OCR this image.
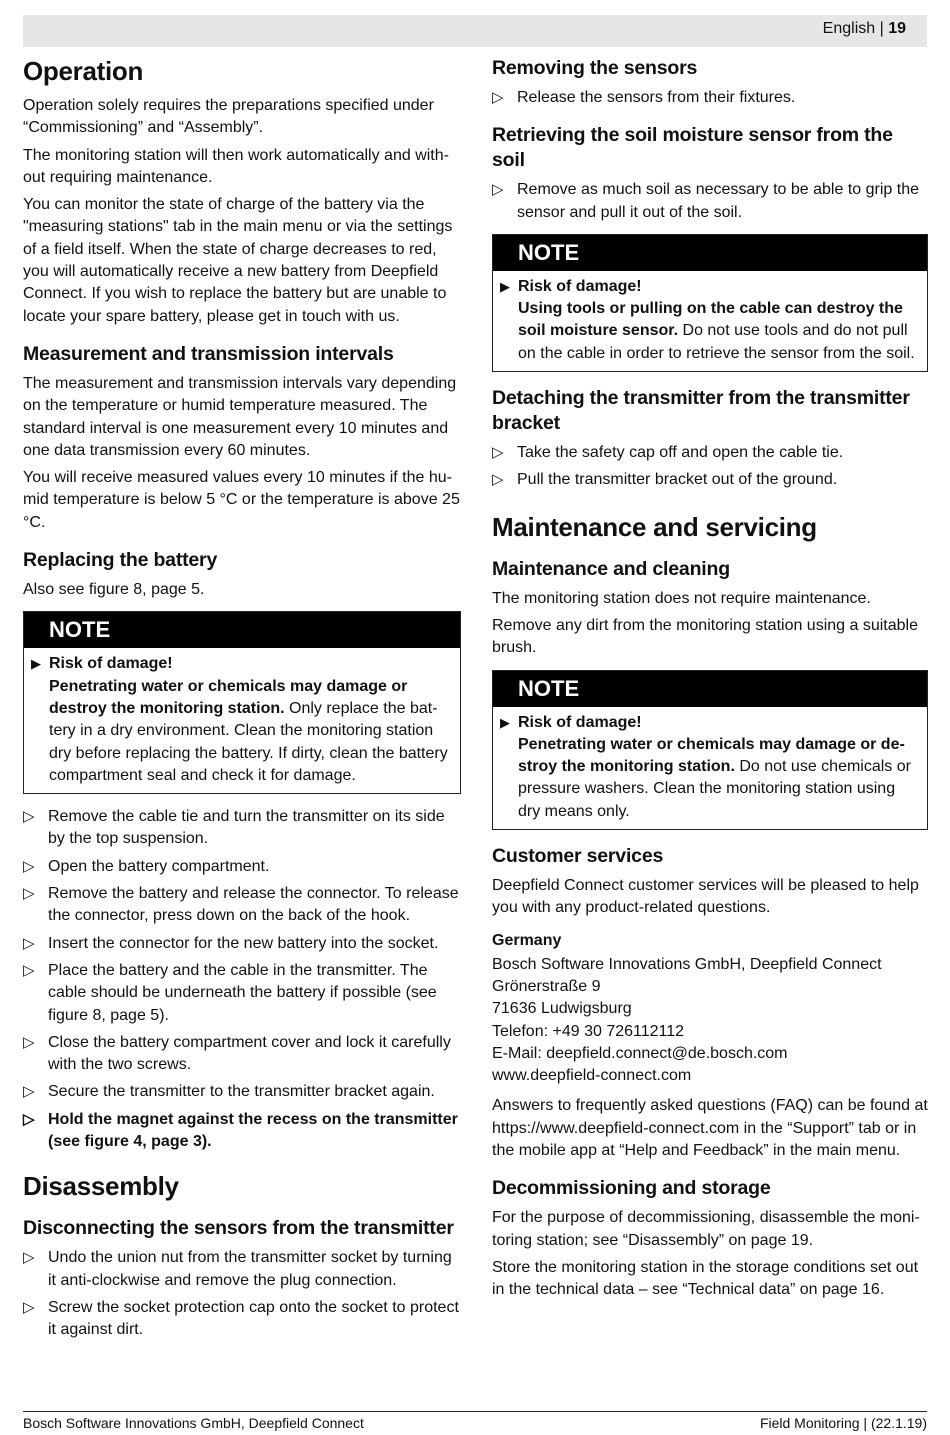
English | 19
Operation

Operation solely requires the preparations specified under “Commissioning” and “Assembly”.

The monitoring station will then work automatically and without requiring maintenance.

You can monitor the state of charge of the battery via the "measuring stations" tab in the main menu or via the settings of a field itself. When the state of charge decreases to red, you will automatically receive a new battery from Deepfield Connect. If you wish to replace the battery but are unable to locate your spare battery, please get in touch with us.

Measurement and transmission intervals

The measurement and transmission intervals vary depending on the temperature or humid temperature measured. The standard interval is one measurement every 10 minutes and one data transmission every 60 minutes.

You will receive measured values every 10 minutes if the humid temperature is below 5 °C or the temperature is above 25 °C.

Replacing the battery

Also see figure 8, page 5.

NOTE
▶ Risk of damage!
Penetrating water or chemicals may damage or destroy the monitoring station. Only replace the battery in a dry environment. Clean the monitoring station dry before replacing the battery. If dirty, clean the battery compartment seal and check it for damage.
▷ Remove the cable tie and turn the transmitter on its side by the top suspension.
▷ Open the battery compartment.
▷ Remove the battery and release the connector. To release the connector, press down on the back of the hook.
▷ Insert the connector for the new battery into the socket.
▷ Place the battery and the cable in the transmitter. The cable should be underneath the battery if possible (see figure 8, page 5).
▷ Close the battery compartment cover and lock it carefully with the two screws.
▷ Secure the transmitter to the transmitter bracket again.
▷ Hold the magnet against the recess on the transmitter (see figure 4, page 3).
Disassembly
Disconnecting the sensors from the transmitter
▷ Undo the union nut from the transmitter socket by turning it anti-clockwise and remove the plug connection.
▷ Screw the socket protection cap onto the socket to protect it against dirt.
Removing the sensors
▷ Release the sensors from their fixtures.
Retrieving the soil moisture sensor from the soil
▷ Remove as much soil as necessary to be able to grip the sensor and pull it out of the soil.
NOTE
▶ Risk of damage!
Using tools or pulling on the cable can destroy the soil moisture sensor. Do not use tools and do not pull on the cable in order to retrieve the sensor from the soil.
Detaching the transmitter from the transmitter bracket
▷ Take the safety cap off and open the cable tie.
▷ Pull the transmitter bracket out of the ground.
Maintenance and servicing
Maintenance and cleaning

The monitoring station does not require maintenance.

Remove any dirt from the monitoring station using a suitable brush.

NOTE
▶ Risk of damage!
Penetrating water or chemicals may damage or destroy the monitoring station. Do not use chemicals or pressure washers. Clean the monitoring station using dry means only.
Customer services

Deepfield Connect customer services will be pleased to help you with any product-related questions.

Germany

Bosch Software Innovations GmbH, Deepfield Connect

Grönerstraße 9

71636 Ludwigsburg

Telefon: +49 30 726112112

E-Mail: deepfield.connect@de.bosch.com

www.deepfield-connect.com

Answers to frequently asked questions (FAQ) can be found at https://www.deepfield-connect.com in the “Support” tab or in the mobile app at “Help and Feedback” in the main menu.

Decommissioning and storage

For the purpose of decommissioning, disassemble the monitoring station; see “Disassembly” on page 19.

Store the monitoring station in the storage conditions set out in the technical data – see “Technical data” on page 16.

Bosch Software Innovations GmbH, Deepfield Connect	Field Monitoring | (22.1.19)
